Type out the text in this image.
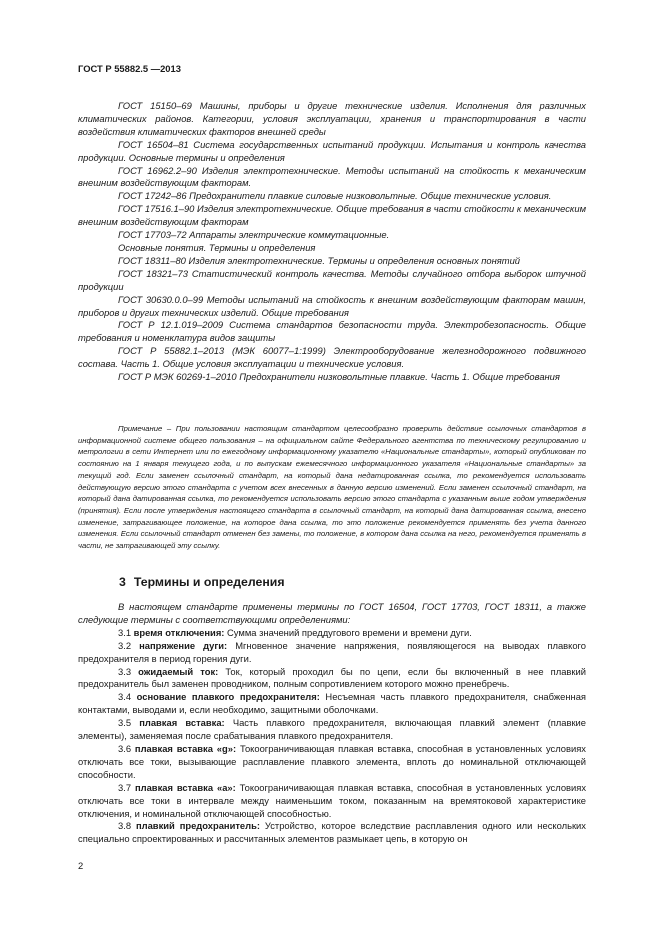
ГОСТ Р 55882.5 —2013

ГОСТ 15150–69 Машины, приборы и другие технические изделия. Исполнения для различных климатических районов. Категории, условия эксплуатации, хранения и транспортирования в части воздействия климатических факторов внешней среды

ГОСТ 16504–81 Система государственных испытаний продукции. Испытания и контроль качества продукции. Основные термины и определения

ГОСТ 16962.2–90 Изделия электротехнические. Методы испытаний на стойкость к механическим внешним воздействующим факторам.

ГОСТ 17242–86 Предохранители плавкие силовые низковольтные. Общие технические условия.

ГОСТ 17516.1–90 Изделия электротехнические. Общие требования в части стойкости к механическим внешним воздействующим факторам

ГОСТ 17703–72 Аппараты электрические коммутационные.

Основные понятия. Термины и определения

ГОСТ 18311–80 Изделия электротехнические. Термины и определения основных понятий

ГОСТ 18321–73 Статистический контроль качества. Методы случайного отбора выборок штучной продукции

ГОСТ 30630.0.0–99 Методы испытаний на стойкость к внешним воздействующим факторам машин, приборов и других технических изделий. Общие требования

ГОСТ Р 12.1.019–2009 Система стандартов безопасности труда. Электробезопасность. Общие требования и номенклатура видов защиты

ГОСТ Р 55882.1–2013 (МЭК 60077–1:1999) Электрооборудование железнодорожного подвижного состава. Часть 1. Общие условия эксплуатации и технические условия.

ГОСТ Р МЭК 60269-1–2010 Предохранители низковольтные плавкие. Часть 1. Общие требования

Примечание – При пользовании настоящим стандартом целесообразно проверить действие ссылочных стандартов в информационной системе общего пользования – на официальном сайте Федерального агентства по техническому регулированию и метрологии в сети Интернет или по ежегодному информационному указателю «Национальные стандарты», который опубликован по состоянию на 1 января текущего года, и по выпускам ежемесячного информационного указателя «Национальные стандарты» за текущий год. Если заменен ссылочный стандарт, на который дана недатированная ссылка, то рекомендуется использовать действующую версию этого стандарта с учетом всех внесенных в данную версию изменений. Если заменен ссылочный стандарт, на который дана датированная ссылка, то рекомендуется использовать версию этого стандарта с указанным выше годом утверждения (принятия). Если после утверждения настоящего стандарта в ссылочный стандарт, на который дана датированная ссылка, внесено изменение, затрагивающее положение, на которое дана ссылка, то это положение рекомендуется применять без учета данного изменения. Если ссылочный стандарт отменен без замены, то положение, в котором дана ссылка на него, рекомендуется применять в части, не затрагивающей эту ссылку.

3 Термины и определения

В настоящем стандарте применены термины по ГОСТ 16504, ГОСТ 17703, ГОСТ 18311, а также следующие термины с соответствующими определениями:

3.1 время отключения: Сумма значений преддугового времени и времени дуги.

3.2 напряжение дуги: Мгновенное значение напряжения, появляющегося на выводах плавкого предохранителя в период горения дуги.

3.3 ожидаемый ток: Ток, который проходил бы по цепи, если бы включенный в нее плавкий предохранитель был заменен проводником, полным сопротивлением которого можно пренебречь.

3.4 основание плавкого предохранителя: Несъемная часть плавкого предохранителя, снабженная контактами, выводами и, если необходимо, защитными оболочками.

3.5 плавкая вставка: Часть плавкого предохранителя, включающая плавкий элемент (плавкие элементы), заменяемая после срабатывания плавкого предохранителя.

3.6 плавкая вставка «g»: Токоограничивающая плавкая вставка, способная в установленных условиях отключать все токи, вызывающие расплавление плавкого элемента, вплоть до номинальной отключающей способности.

3.7 плавкая вставка «a»: Токоограничивающая плавкая вставка, способная в установленных условиях отключать все токи в интервале между наименьшим током, показанным на времятоковой характеристике отключения, и номинальной отключающей способностью.

3.8 плавкий предохранитель: Устройство, которое вследствие расплавления одного или нескольких специально спроектированных и рассчитанных элементов размыкает цепь, в которую он

2
